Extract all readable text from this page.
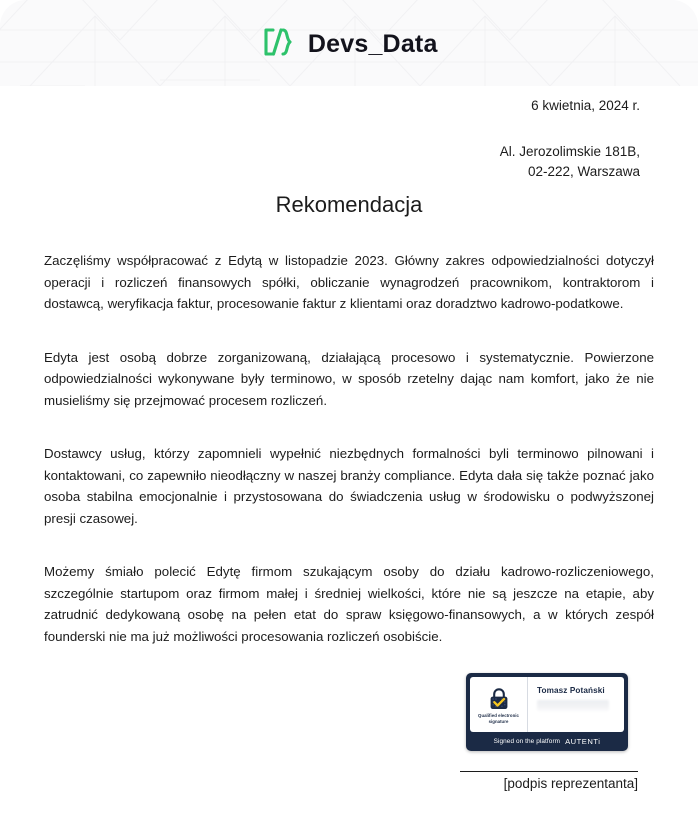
Devs_Data
6 kwietnia, 2024 r.
Al. Jerozolimskie 181B,
02-222, Warszawa
Rekomendacja

Zaczęliśmy współpracować z Edytą w listopadzie 2023. Główny zakres odpowiedzialności dotyczył operacji i rozliczeń finansowych spółki, obliczanie wynagrodzeń pracownikom, kontraktorom i dostawcą, weryfikacja faktur, procesowanie faktur z klientami oraz doradztwo kadrowo-podatkowe.

Edyta jest osobą dobrze zorganizowaną, działającą procesowo i systematycznie. Powierzone odpowiedzialności wykonywane były terminowo, w sposób rzetelny dając nam komfort, jako że nie musieliśmy się przejmować procesem rozliczeń.

Dostawcy usług, którzy zapomnieli wypełnić niezbędnych formalności byli terminowo pilnowani i kontaktowani, co zapewniło nieodłączny w naszej branży compliance. Edyta dała się także poznać jako osoba stabilna emocjonalnie i przystosowana do świadczenia usług w środowisku o podwyższonej presji czasowej.

Możemy śmiało polecić Edytę firmom szukającym osoby do działu kadrowo-rozliczeniowego, szczególnie startupom oraz firmom małej i średniej wielkości, które nie są jeszcze na etapie, aby zatrudnić dedykowaną osobę na pełen etat do spraw księgowo-finansowych, a w których zespół founderski nie ma już możliwości procesowania rozliczeń osobiście.

Qualified electronic signature
Tomasz Potański
Signed on the platform AUTENTi
[podpis reprezentanta]
